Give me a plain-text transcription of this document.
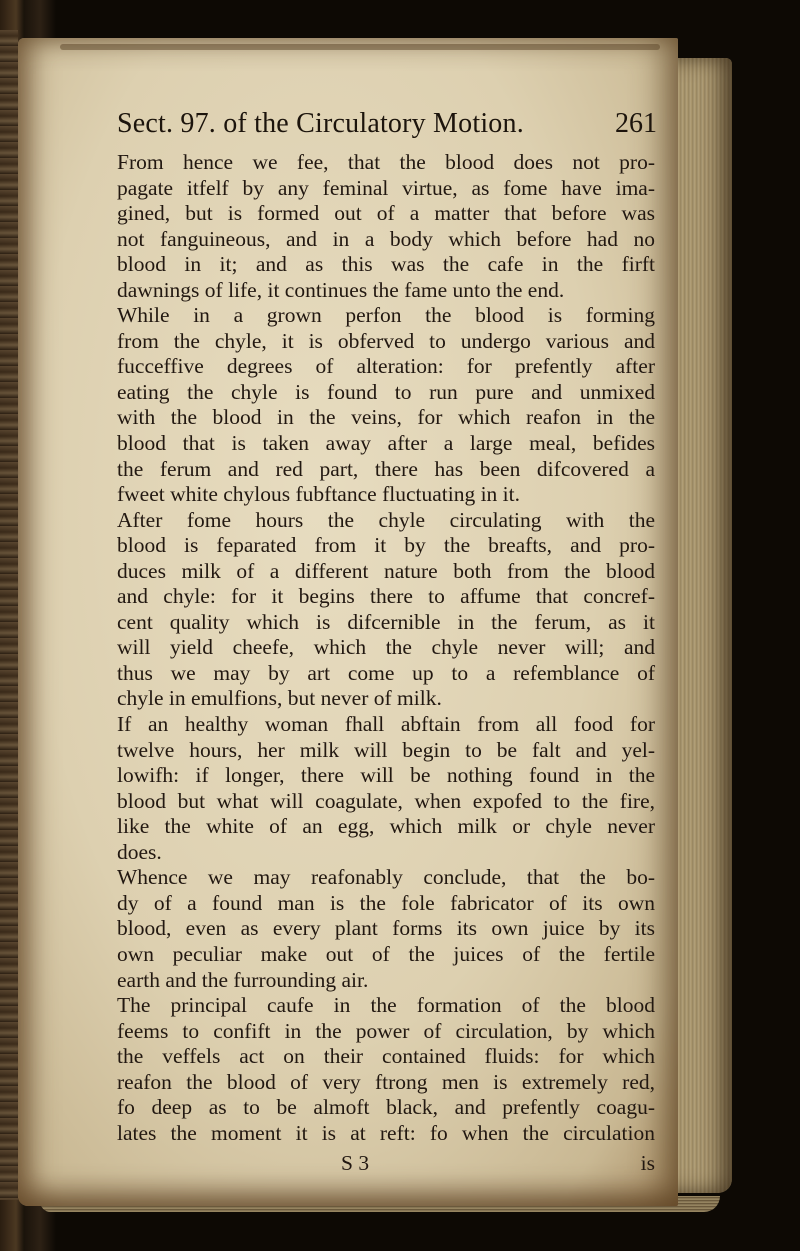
Sect. 97. of the Circulatory Motion.	261
From hence we fee, that the blood does not pro-
pagate itfelf by any feminal virtue, as fome have ima-
gined, but is formed out of a matter that before was
not fanguineous, and in a body which before had no
blood in it; and as this was the cafe in the firft
dawnings of life, it continues the fame unto the end.
While in a grown perfon the blood is forming
from the chyle, it is obferved to undergo various and
fucceffive degrees of alteration: for prefently after
eating the chyle is found to run pure and unmixed
with the blood in the veins, for which reafon in the
blood that is taken away after a large meal, befides
the ferum and red part, there has been difcovered a
fweet white chylous fubftance fluctuating in it.
After fome hours the chyle circulating with the
blood is feparated from it by the breafts, and pro-
duces milk of a different nature both from the blood
and chyle: for it begins there to affume that concref-
cent quality which is difcernible in the ferum, as it
will yield cheefe, which the chyle never will; and
thus we may by art come up to a refemblance of
chyle in emulfions, but never of milk.
If an healthy woman fhall abftain from all food for
twelve hours, her milk will begin to be falt and yel-
lowifh: if longer, there will be nothing found in the
blood but what will coagulate, when expofed to the fire,
like the white of an egg, which milk or chyle never
does.
Whence we may reafonably conclude, that the bo-
dy of a found man is the fole fabricator of its own
blood, even as every plant forms its own juice by its
own peculiar make out of the juices of the fertile
earth and the furrounding air.
The principal caufe in the formation of the blood
feems to confift in the power of circulation, by which
the veffels act on their contained fluids: for which
reafon the blood of very ftrong men is extremely red,
fo deep as to be almoft black, and prefently coagu-
lates the moment it is at reft: fo when the circulation
S 3	is
